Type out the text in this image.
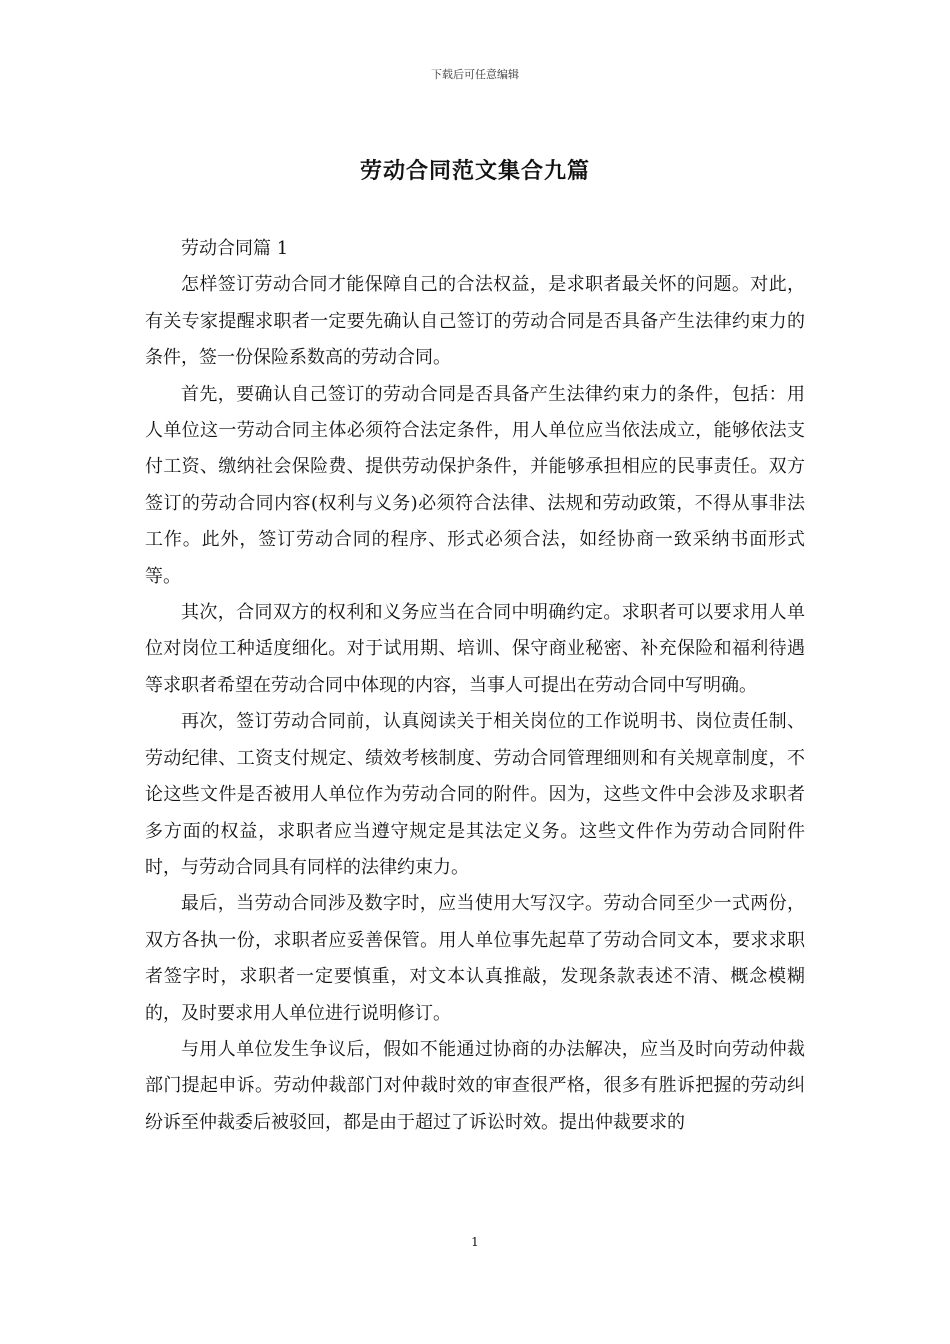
下载后可任意编辑
劳动合同范文集合九篇

劳动合同篇 1

怎样签订劳动合同才能保障自己的合法权益，是求职者最关怀的问题。对此，有关专家提醒求职者一定要先确认自己签订的劳动合同是否具备产生法律约束力的条件，签一份保险系数高的劳动合同。

首先，要确认自己签订的劳动合同是否具备产生法律约束力的条件，包括：用人单位这一劳动合同主体必须符合法定条件，用人单位应当依法成立，能够依法支付工资、缴纳社会保险费、提供劳动保护条件，并能够承担相应的民事责任。双方签订的劳动合同内容(权利与义务)必须符合法律、法规和劳动政策，不得从事非法工作。此外，签订劳动合同的程序、形式必须合法，如经协商一致采纳书面形式等。

其次，合同双方的权利和义务应当在合同中明确约定。求职者可以要求用人单位对岗位工种适度细化。对于试用期、培训、保守商业秘密、补充保险和福利待遇等求职者希望在劳动合同中体现的内容，当事人可提出在劳动合同中写明确。

再次，签订劳动合同前，认真阅读关于相关岗位的工作说明书、岗位责任制、劳动纪律、工资支付规定、绩效考核制度、劳动合同管理细则和有关规章制度，不论这些文件是否被用人单位作为劳动合同的附件。因为，这些文件中会涉及求职者多方面的权益，求职者应当遵守规定是其法定义务。这些文件作为劳动合同附件时，与劳动合同具有同样的法律约束力。

最后，当劳动合同涉及数字时，应当使用大写汉字。劳动合同至少一式两份，双方各执一份，求职者应妥善保管。用人单位事先起草了劳动合同文本，要求求职者签字时，求职者一定要慎重，对文本认真推敲，发现条款表述不清、概念模糊的，及时要求用人单位进行说明修订。

与用人单位发生争议后，假如不能通过协商的办法解决，应当及时向劳动仲裁部门提起申诉。劳动仲裁部门对仲裁时效的审查很严格，很多有胜诉把握的劳动纠纷诉至仲裁委后被驳回，都是由于超过了诉讼时效。提出仲裁要求的

1
